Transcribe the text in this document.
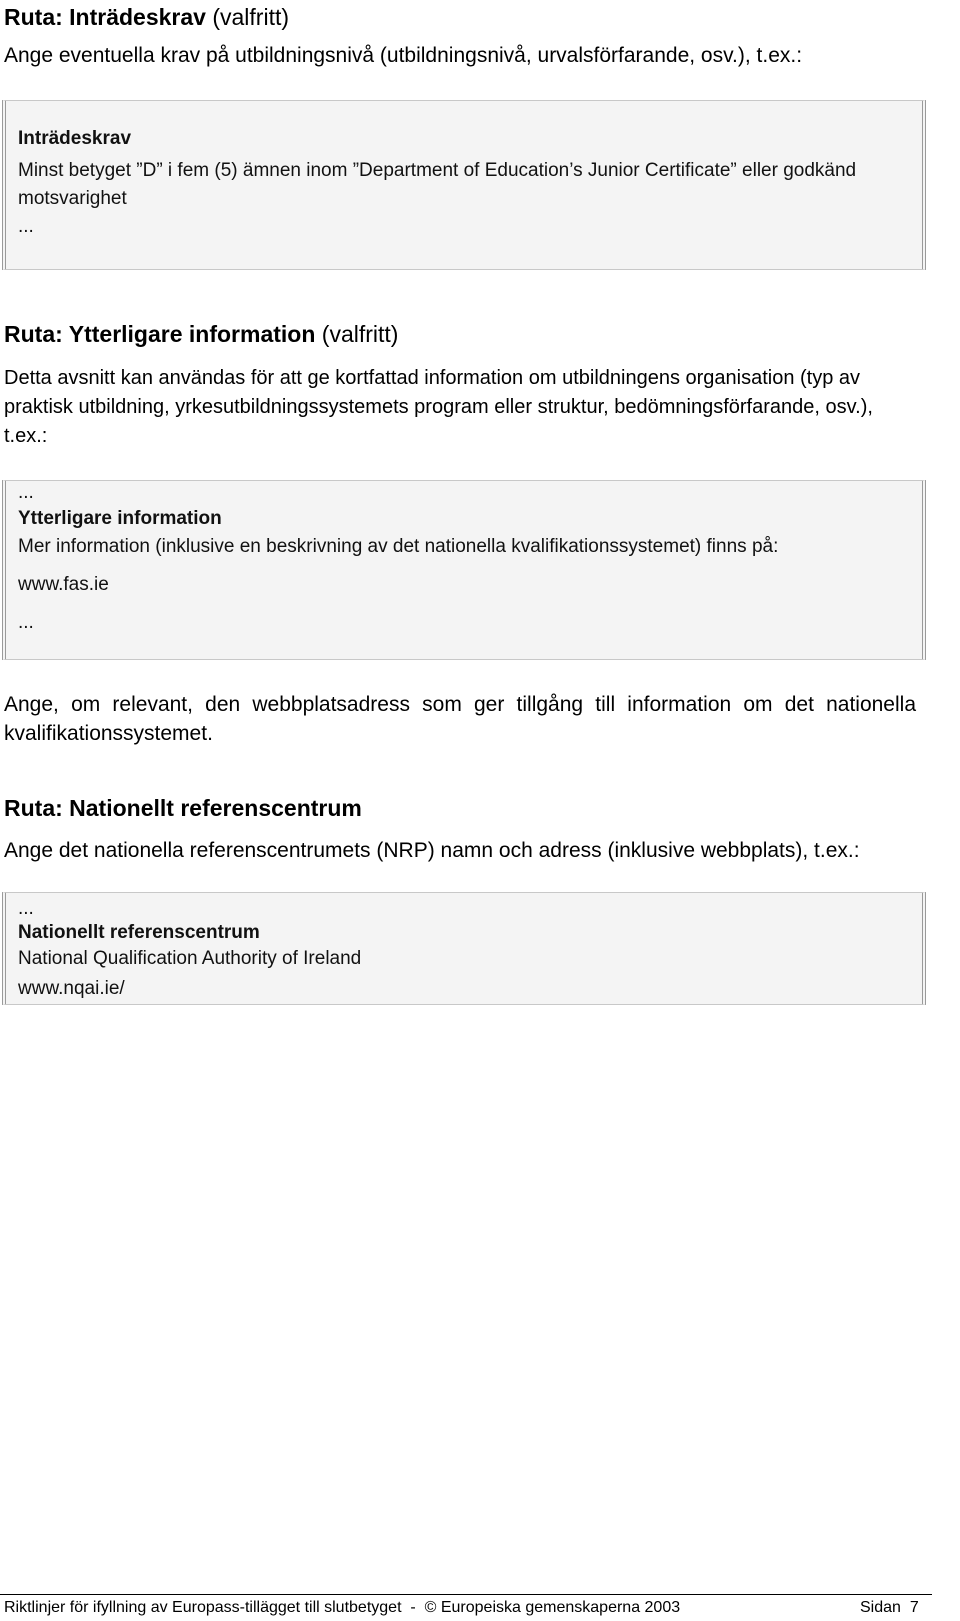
Ruta: Inträdeskrav (valfritt)
Ange eventuella krav på utbildningsnivå (utbildningsnivå, urvalsförfarande, osv.), t.ex.:
Inträdeskrav
Minst betyget ”D” i fem (5) ämnen inom ”Department of Education’s Junior Certificate” eller godkänd
motsvarighet
...
Ruta: Ytterligare information (valfritt)
Detta avsnitt kan användas för att ge kortfattad information om utbildningens organisation (typ av
praktisk utbildning, yrkesutbildningssystemets program eller struktur, bedömningsförfarande, osv.),
t.ex.:
...
Ytterligare information
Mer information (inklusive en beskrivning av det nationella kvalifikationssystemet) finns på:
www.fas.ie
...
Ange, om relevant, den webbplatsadress som ger tillgång till information om det nationella kvalifikationssystemet.
Ruta: Nationellt referenscentrum
Ange det nationella referenscentrumets (NRP) namn och adress (inklusive webbplats), t.ex.:
...
Nationellt referenscentrum
National Qualification Authority of Ireland
www.nqai.ie/
Riktlinjer för ifyllning av Europass-tillägget till slutbetyget  -  © Europeiska gemenskaperna 2003	Sidan  7
